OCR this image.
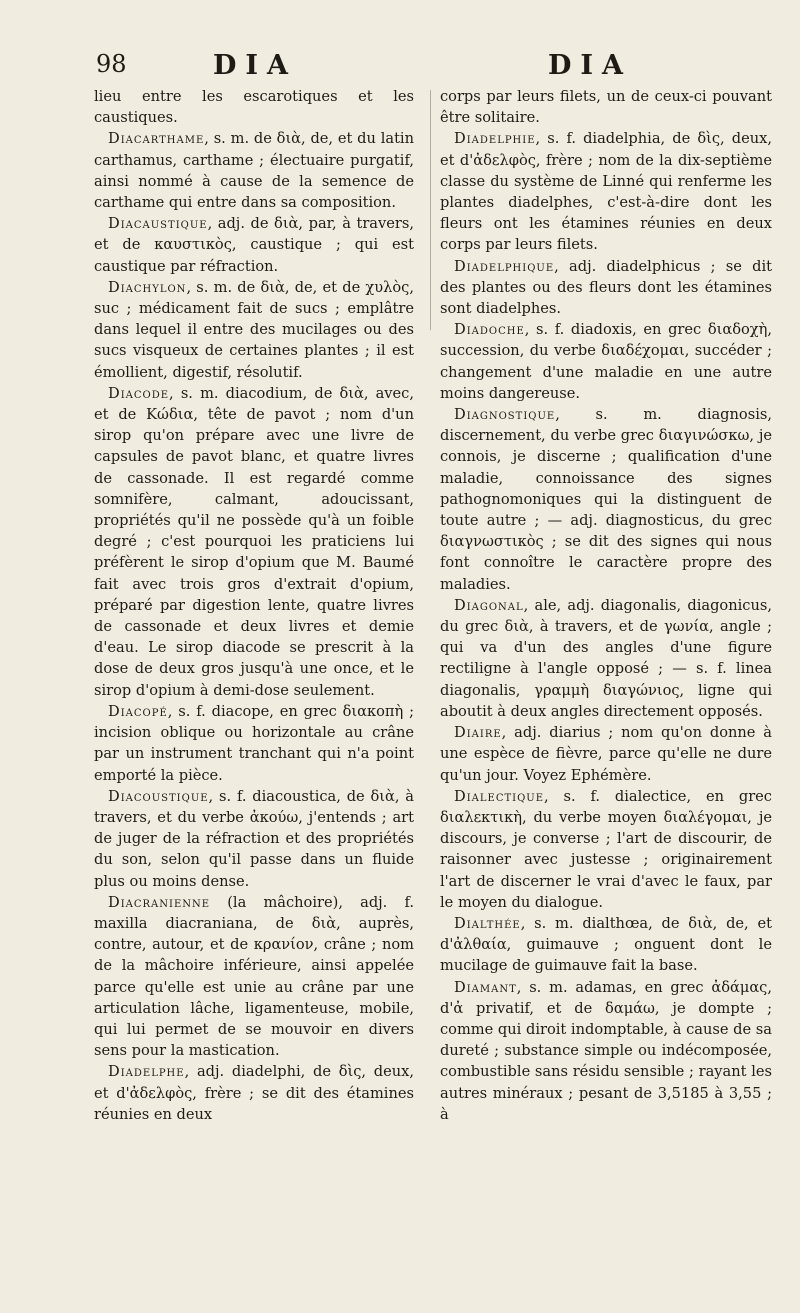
98	DIA	DIA

lieu entre les escarotiques et les caustiques.

Diacarthame, s. m. de διὰ, de, et du latin carthamus, carthame ; électuaire purgatif, ainsi nommé à cause de la semence de carthame qui entre dans sa composition.

Diacaustique, adj. de διὰ, par, à travers, et de καυστικὸς, caustique ; qui est caustique par réfraction.

Diachylon, s. m. de διὰ, de, et de χυλὸς, suc ; médicament fait de sucs ; emplâtre dans lequel il entre des mucilages ou des sucs visqueux de certaines plantes ; il est émollient, digestif, résolutif.

Diacode, s. m. diacodium, de διὰ, avec, et de Κώδια, tête de pavot ; nom d'un sirop qu'on prépare avec une livre de capsules de pavot blanc, et quatre livres de cassonade. Il est regardé comme somnifère, calmant, adoucissant, propriétés qu'il ne possède qu'à un foible degré ; c'est pourquoi les praticiens lui préfèrent le sirop d'opium que M. Baumé fait avec trois gros d'extrait d'opium, préparé par digestion lente, quatre livres de cassonade et deux livres et demie d'eau. Le sirop diacode se prescrit à la dose de deux gros jusqu'à une once, et le sirop d'opium à demi-dose seulement.

Diacopé, s. f. diacope, en grec διακοπὴ ; incision oblique ou horizontale au crâne par un instrument tranchant qui n'a point emporté la pièce.

Diacoustique, s. f. diacoustica, de διὰ, à travers, et du verbe ἀκούω, j'entends ; art de juger de la réfraction et des propriétés du son, selon qu'il passe dans un fluide plus ou moins dense.

Diacranienne (la mâchoire), adj. f. maxilla diacraniana, de διὰ, auprès, contre, autour, et de κρανίον, crâne ; nom de la mâchoire inférieure, ainsi appelée parce qu'elle est unie au crâne par une articulation lâche, ligamenteuse, mobile, qui lui permet de se mouvoir en divers sens pour la mastication.

Diadelphe, adj. diadelphi, de δὶς, deux, et d'ἀδελφὸς, frère ; se dit des étamines réunies en deux

corps par leurs filets, un de ceux-ci pouvant être solitaire.

Diadelphie, s. f. diadelphia, de δὶς, deux, et d'ἀδελφὸς, frère ; nom de la dix-septième classe du système de Linné qui renferme les plantes diadelphes, c'est-à-dire dont les fleurs ont les étamines réunies en deux corps par leurs filets.

Diadelphique, adj. diadelphicus ; se dit des plantes ou des fleurs dont les étamines sont diadelphes.

Diadoche, s. f. diadoxis, en grec διαδοχὴ, succession, du verbe διαδέχομαι, succéder ; changement d'une maladie en une autre moins dangereuse.

Diagnostique, s. m. diagnosis, discernement, du verbe grec διαγινώσκω, je connois, je discerne ; qualification d'une maladie, connoissance des signes pathognomoniques qui la distinguent de toute autre ; — adj. diagnosticus, du grec διαγνωστικὸς ; se dit des signes qui nous font connoître le caractère propre des maladies.

Diagonal, ale, adj. diagonalis, diagonicus, du grec διὰ, à travers, et de γωνία, angle ; qui va d'un des angles d'une figure rectiligne à l'angle opposé ; — s. f. linea diagonalis, γραμμὴ διαγώνιος, ligne qui aboutit à deux angles directement opposés.

Diaire, adj. diarius ; nom qu'on donne à une espèce de fièvre, parce qu'elle ne dure qu'un jour. Voyez Ephémère.

Dialectique, s. f. dialectice, en grec διαλεκτικὴ, du verbe moyen διαλέγομαι, je discours, je converse ; l'art de discourir, de raisonner avec justesse ; originairement l'art de discerner le vrai d'avec le faux, par le moyen du dialogue.

Dialthée, s. m. dialthœa, de διὰ, de, et d'ἀλθαία, guimauve ; onguent dont le mucilage de guimauve fait la base.

Diamant, s. m. adamas, en grec ἀδάμας, d'ἀ privatif, et de δαμάω, je dompte ; comme qui diroit indomptable, à cause de sa dureté ; substance simple ou indécomposée, combustible sans résidu sensible ; rayant les autres minéraux ; pesant de 3,5185 à 3,55 ; à
